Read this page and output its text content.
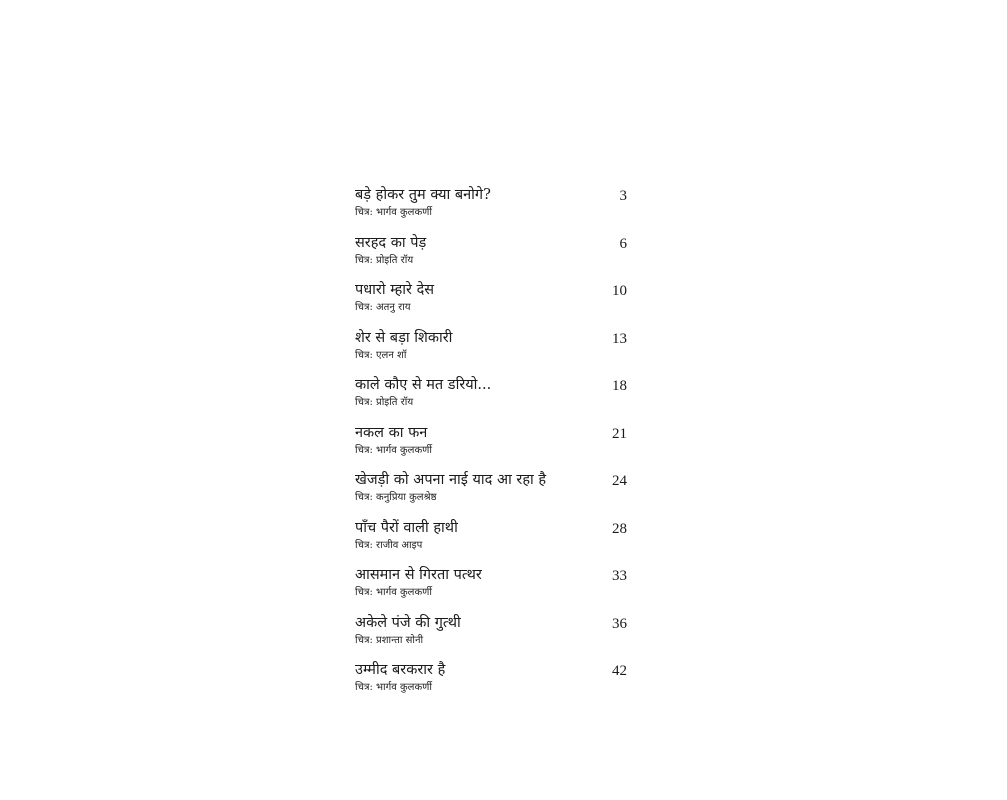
बड़े होकर तुम क्या बनोगे?
चित्र: भार्गव कुलकर्णी
3
सरहद का पेड़
चित्र: प्रोइति रॉय
6
पधारो म्हारे देस
चित्र: अतनु राय
10
शेर से बड़ा शिकारी
चित्र: एलन शॉ
13
काले कौए से मत डरियो...
चित्र: प्रोइति रॉय
18
नकल का फन
चित्र: भार्गव कुलकर्णी
21
खेजड़ी को अपना नाई याद आ रहा है
चित्र: कनुप्रिया कुलश्रेष्ठ
24
पाँच पैरों वाली हाथी
चित्र: राजीव आइप
28
आसमान से गिरता पत्थर
चित्र: भार्गव कुलकर्णी
33
अकेले पंजे की गुत्थी
चित्र: प्रशान्ता सोनी
36
उम्मीद बरकरार है
चित्र: भार्गव कुलकर्णी
42
